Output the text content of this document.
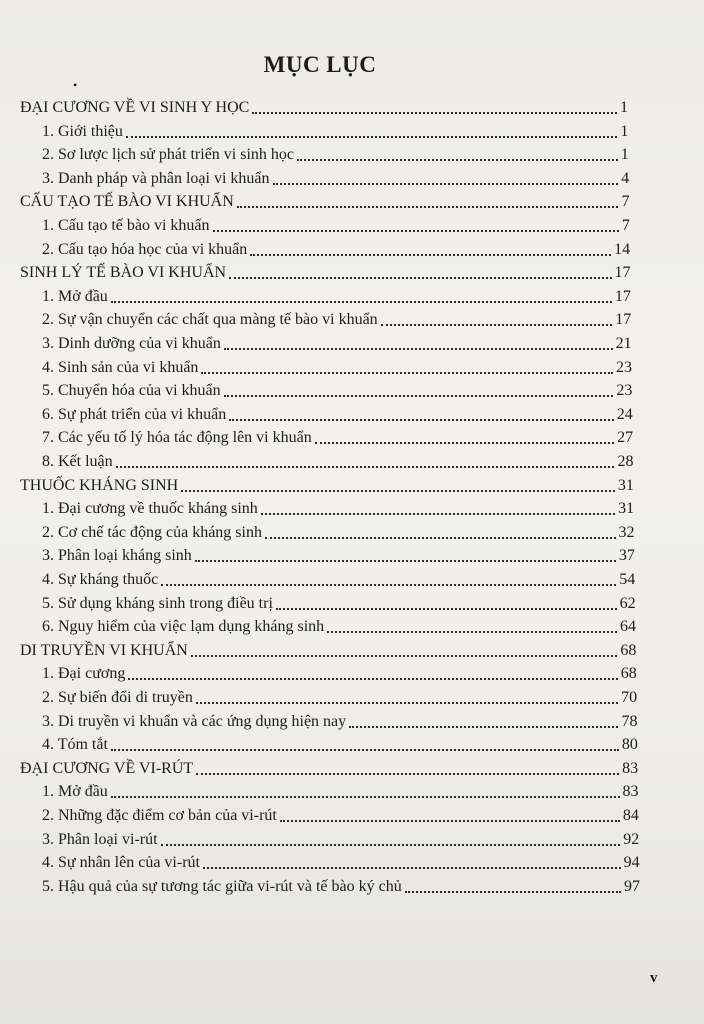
MỤC LỤC
•
ĐẠI CƯƠNG VỀ VI SINH Y HỌC	1
1. Giới thiệu	1
2. Sơ lược lịch sử phát triển vi sinh học	1
3. Danh pháp và phân loại vi khuẩn	4
CẤU TẠO TẾ BÀO VI KHUẨN	7
1. Cấu tạo tế bào vi khuẩn	7
2. Cấu tạo hóa học của vi khuẩn	14
SINH LÝ TẾ BÀO VI KHUẨN	17
1. Mở đầu	17
2. Sự vận chuyển các chất qua màng tế bào vi khuẩn	17
3. Dinh dưỡng của vi khuẩn	21
4. Sinh sản của vi khuẩn	23
5. Chuyển hóa của vi khuẩn	23
6. Sự phát triển của vi khuẩn	24
7. Các yếu tố lý hóa tác động lên vi khuẩn	27
8. Kết luận	28
THUỐC KHÁNG SINH	31
1. Đại cương về thuốc kháng sinh	31
2. Cơ chế tác động của kháng sinh	32
3. Phân loại kháng sinh	37
4. Sự kháng thuốc	54
5. Sử dụng kháng sinh trong điều trị	62
6. Nguy hiểm của việc lạm dụng kháng sinh	64
DI TRUYỀN VI KHUẨN	68
1. Đại cương	68
2. Sự biến đổi di truyền	70
3. Di truyền vi khuẩn và các ứng dụng hiện nay	78
4. Tóm tắt	80
ĐẠI CƯƠNG VỀ VI-RÚT	83
1. Mở đầu	83
2. Những đặc điểm cơ bản của vi-rút	84
3. Phân loại vi-rút	92
4. Sự nhân lên của vi-rút	94
5. Hậu quả của sự tương tác giữa vi-rút và tế bào ký chủ	97
v
